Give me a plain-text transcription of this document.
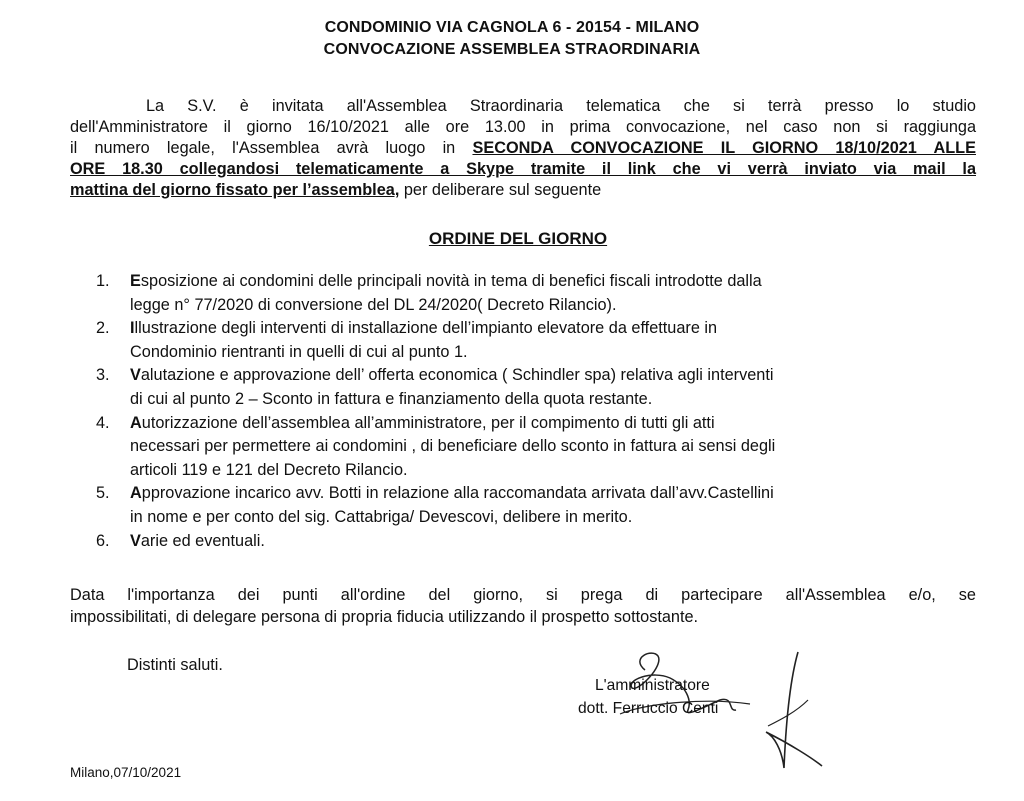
CONDOMINIO VIA CAGNOLA 6 - 20154 - MILANO
CONVOCAZIONE ASSEMBLEA STRAORDINARIA
La S.V. è invitata all'Assemblea Straordinaria telematica che si terrà presso lo studio
dell'Amministratore il giorno 16/10/2021 alle ore 13.00 in prima convocazione, nel caso non si raggiunga
il numero legale, l'Assemblea avrà luogo in SECONDA CONVOCAZIONE IL GIORNO 18/10/2021 ALLE
ORE 18.30 collegandosi telematicamente a Skype tramite il link che vi verrà inviato via mail la
mattina del giorno fissato per l’assemblea, per deliberare sul seguente
ORDINE DEL GIORNO
1. Esposizione ai condomini delle principali novità in tema di benefici fiscali introdotte dalla
legge n° 77/2020 di conversione del DL 24/2020( Decreto Rilancio).
2. Illustrazione degli interventi di installazione dell’impianto elevatore da effettuare in
Condominio rientranti in quelli di cui al punto 1.
3. Valutazione e approvazione dell’ offerta economica ( Schindler spa) relativa agli interventi
di cui al punto 2 – Sconto in fattura e finanziamento della quota restante.
4. Autorizzazione dell’assemblea all’amministratore, per il compimento di tutti gli atti
necessari per permettere ai condomini , di beneficiare dello sconto in fattura ai sensi degli
articoli 119 e 121 del Decreto Rilancio.
5. Approvazione incarico avv. Botti in relazione alla raccomandata arrivata dall’avv.Castellini
in nome e per conto del sig. Cattabriga/ Devescovi, delibere in merito.
6. Varie ed eventuali.
Data l'importanza dei punti all'ordine del giorno, si prega di partecipare all'Assemblea e/o, se
impossibilitati, di delegare persona di propria fiducia utilizzando il prospetto sottostante.
Distinti saluti.
L'amministratore
dott. Ferruccio Centi
Milano,07/10/2021
